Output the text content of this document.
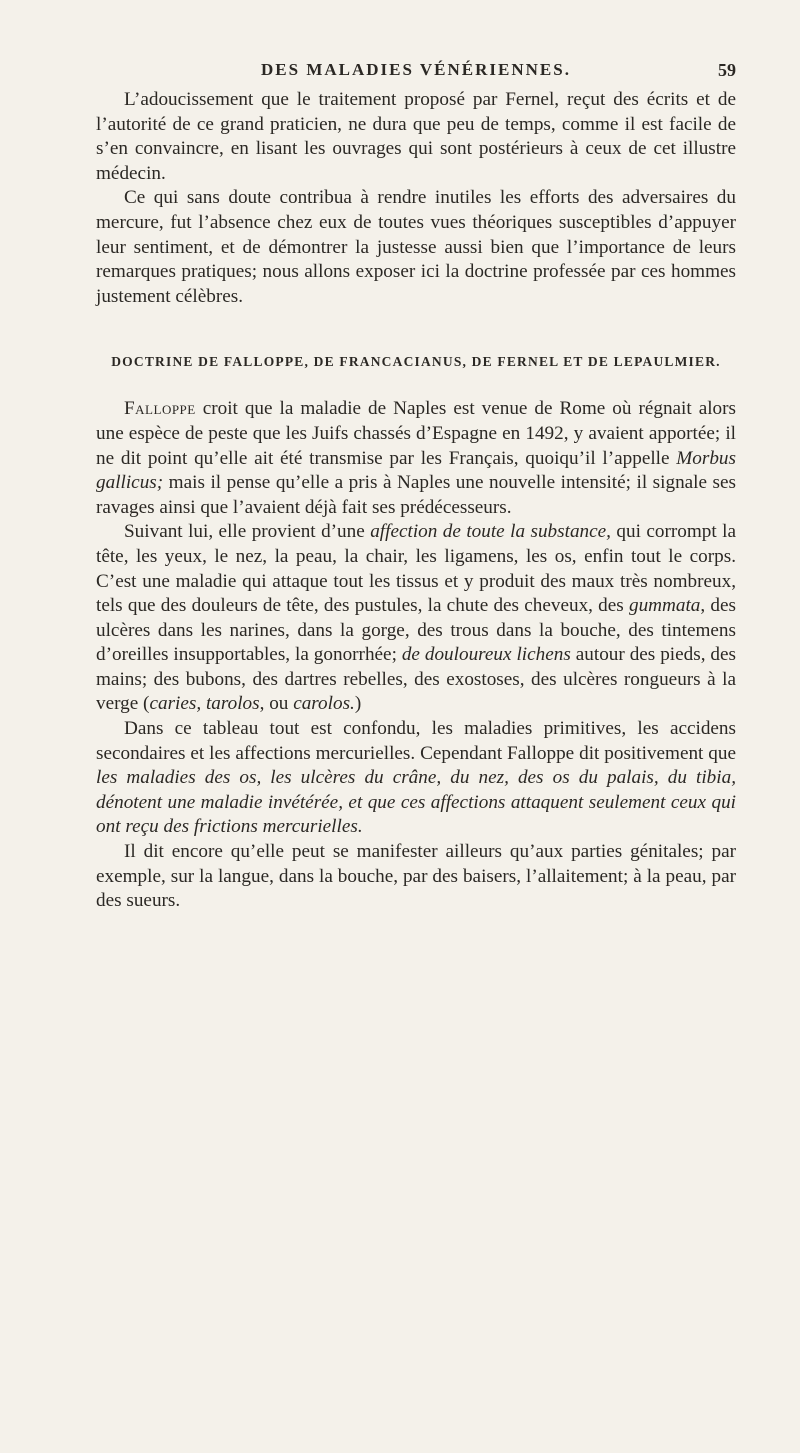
DES MALADIES VÉNÉRIENNES.	59

L’adoucissement que le traitement proposé par Fernel, reçut des écrits et de l’autorité de ce grand praticien, ne dura que peu de temps, comme il est facile de s’en convaincre, en lisant les ouvrages qui sont postérieurs à ceux de cet illustre médecin.

Ce qui sans doute contribua à rendre inutiles les efforts des adversaires du mercure, fut l’absence chez eux de toutes vues théoriques susceptibles d’appuyer leur sentiment, et de démontrer la justesse aussi bien que l’importance de leurs remarques pratiques; nous allons exposer ici la doctrine professée par ces hommes justement célèbres.

DOCTRINE DE FALLOPPE, DE FRANCACIANUS, DE FERNEL ET DE LEPAULMIER.

Falloppe croit que la maladie de Naples est venue de Rome où régnait alors une espèce de peste que les Juifs chassés d’Espagne en 1492, y avaient apportée; il ne dit point qu’elle ait été transmise par les Français, quoiqu’il l’appelle Morbus gallicus; mais il pense qu’elle a pris à Naples une nouvelle intensité; il signale ses ravages ainsi que l’avaient déjà fait ses prédécesseurs.

Suivant lui, elle provient d’une affection de toute la substance, qui corrompt la tête, les yeux, le nez, la peau, la chair, les ligamens, les os, enfin tout le corps. C’est une maladie qui attaque tout les tissus et y produit des maux très nombreux, tels que des douleurs de tête, des pustules, la chute des cheveux, des gummata, des ulcères dans les narines, dans la gorge, des trous dans la bouche, des tintemens d’oreilles insupportables, la gonorrhée; de douloureux lichens autour des pieds, des mains; des bubons, des dartres rebelles, des exostoses, des ulcères rongueurs à la verge (caries, tarolos, ou carolos.)

Dans ce tableau tout est confondu, les maladies primitives, les accidens secondaires et les affections mercurielles. Cependant Falloppe dit positivement que les maladies des os, les ulcères du crâne, du nez, des os du palais, du tibia, dénotent une maladie invétérée, et que ces affections attaquent seulement ceux qui ont reçu des frictions mercurielles.

Il dit encore qu’elle peut se manifester ailleurs qu’aux parties génitales; par exemple, sur la langue, dans la bouche, par des baisers, l’allaitement; à la peau, par des sueurs.
